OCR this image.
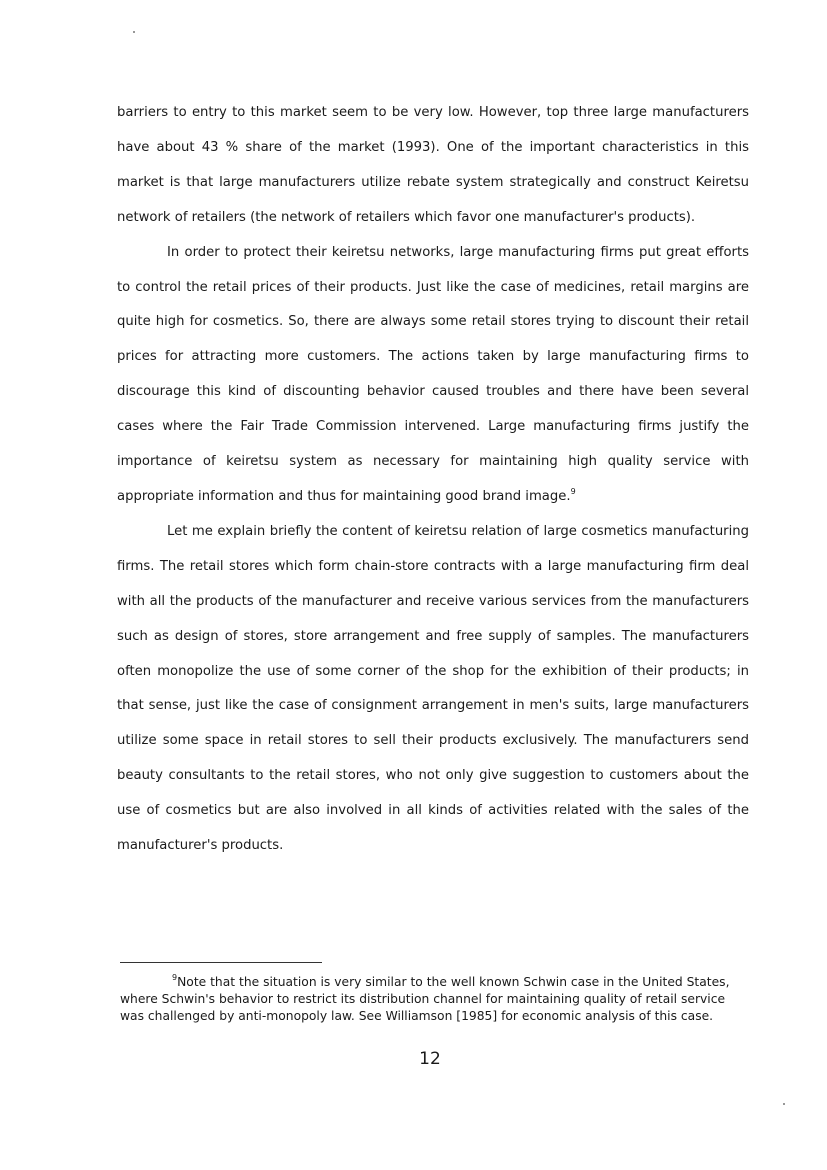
barriers to entry to this market seem to be very low. However, top three large manufacturers have about 43 % share of the market (1993). One of the important characteristics in this market is that large manufacturers utilize rebate system strategically and construct Keiretsu network of retailers (the network of retailers which favor one manufacturer's products).

In order to protect their keiretsu networks, large manufacturing firms put great efforts to control the retail prices of their products. Just like the case of medicines, retail margins are quite high for cosmetics. So, there are always some retail stores trying to discount their retail prices for attracting more customers. The actions taken by large manufacturing firms to discourage this kind of discounting behavior caused troubles and there have been several cases where the Fair Trade Commission intervened. Large manufacturing firms justify the importance of keiretsu system as necessary for maintaining high quality service with appropriate information and thus for maintaining good brand image.$^9$

Let me explain briefly the content of keiretsu relation of large cosmetics manufacturing firms. The retail stores which form chain-store contracts with a large manufacturing firm deal with all the products of the manufacturer and receive various services from the manufacturers such as design of stores, store arrangement and free supply of samples. The manufacturers often monopolize the use of some corner of the shop for the exhibition of their products; in that sense, just like the case of consignment arrangement in men's suits, large manufacturers utilize some space in retail stores to sell their products exclusively. The manufacturers send beauty consultants to the retail stores, who not only give suggestion to customers about the use of cosmetics but are also involved in all kinds of activities related with the sales of the manufacturer's products.

$^9$Note that the situation is very similar to the well known Schwin case in the United States, where Schwin's behavior to restrict its distribution channel for maintaining quality of retail service was challenged by anti-monopoly law. See Williamson [1985] for economic analysis of this case.

12
